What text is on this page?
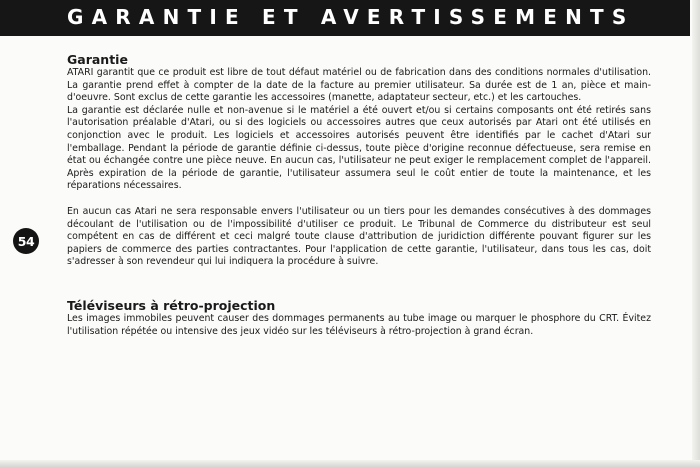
GARANTIE ET AVERTISSEMENTS
54
Garantie

ATARI garantit que ce produit est libre de tout défaut matériel ou de fabrication dans des conditions normales d'utilisation. La garantie prend effet à compter de la date de la facture au premier utilisateur. Sa durée est de 1 an, pièce et main-d'oeuvre. Sont exclus de cette garantie les accessoires (manette, adaptateur secteur, etc.) et les cartouches.

La garantie est déclarée nulle et non-avenue si le matériel a été ouvert et/ou si certains composants ont été retirés sans l'autorisation préalable d'Atari, ou si des logiciels ou accessoires autres que ceux autorisés par Atari ont été utilisés en conjonction avec le produit. Les logiciels et accessoires autorisés peuvent être identifiés par le cachet d'Atari sur l'emballage. Pendant la période de garantie définie ci-dessus, toute pièce d'origine reconnue défectueuse, sera remise en état ou échangée contre une pièce neuve. En aucun cas, l'utilisateur ne peut exiger le remplacement complet de l'appareil. Après expiration de la période de garantie, l'utilisateur assumera seul le coût entier de toute la maintenance, et les réparations nécessaires.

En aucun cas Atari ne sera responsable envers l'utilisateur ou un tiers pour les demandes consécutives à des dommages découlant de l'utilisation ou de l'impossibilité d'utiliser ce produit. Le Tribunal de Commerce du distributeur est seul compétent en cas de différent et ceci malgré toute clause d'attribution de juridiction différente pouvant figurer sur les papiers de commerce des parties contractantes. Pour l'application de cette garantie, l'utilisateur, dans tous les cas, doit s'adresser à son revendeur qui lui indiquera la procédure à suivre.

Téléviseurs à rétro-projection

Les images immobiles peuvent causer des dommages permanents au tube image ou marquer le phosphore du CRT. Évitez l'utilisation répétée ou intensive des jeux vidéo sur les téléviseurs à rétro-projection à grand écran.
